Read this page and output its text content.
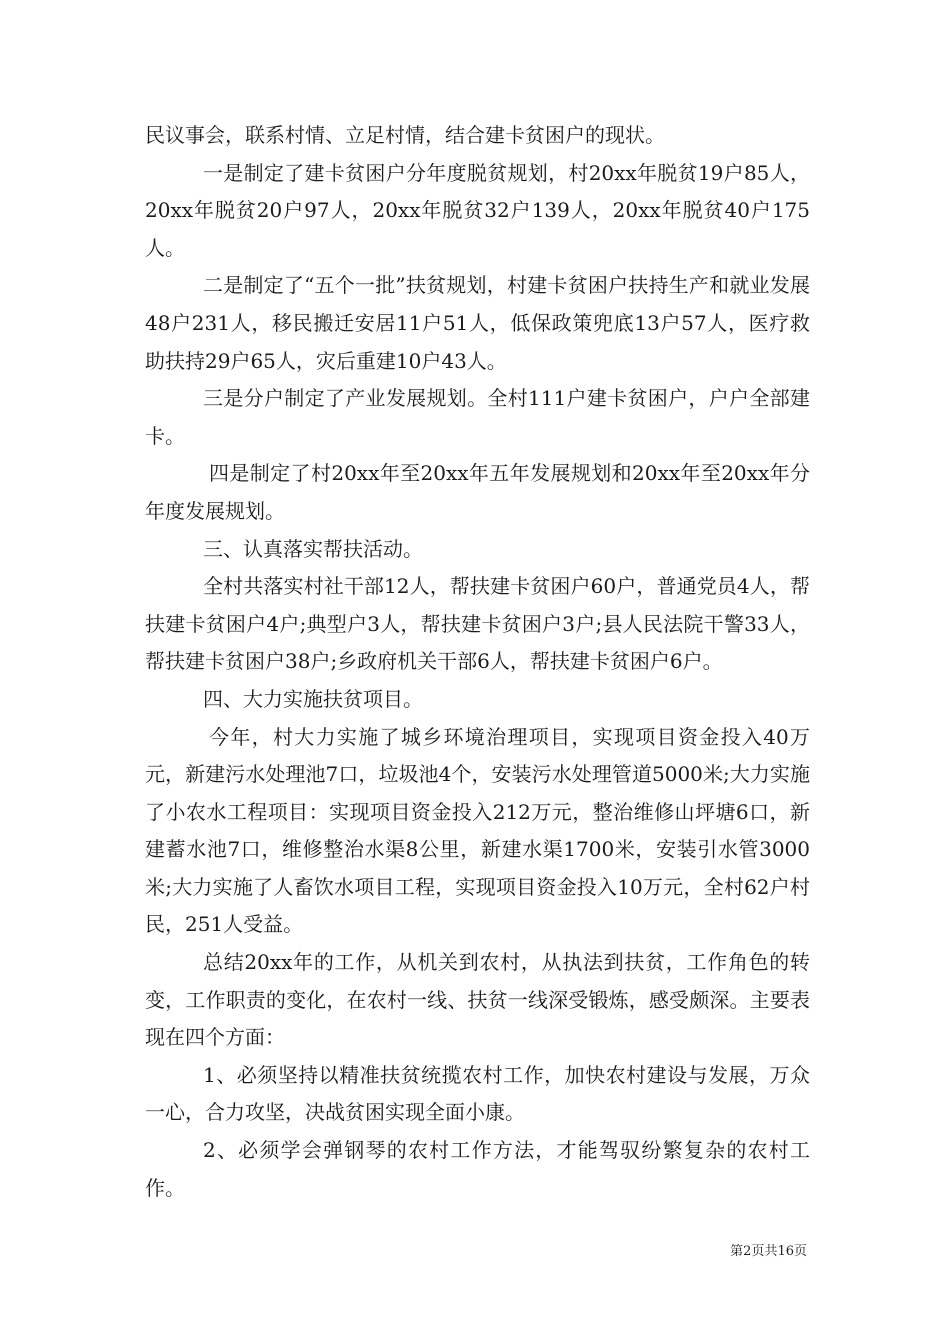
民议事会，联系村情、立足村情，结合建卡贫困户的现状。

一是制定了建卡贫困户分年度脱贫规划，村20xx年脱贫19户85人，20xx年脱贫20户97人，20xx年脱贫32户139人，20xx年脱贫40户175人。

二是制定了“五个一批”扶贫规划，村建卡贫困户扶持生产和就业发展48户231人，移民搬迁安居11户51人，低保政策兜底13户57人，医疗救助扶持29户65人，灾后重建10户43人。

三是分户制定了产业发展规划。全村111户建卡贫困户，户户全部建卡。

四是制定了村20xx年至20xx年五年发展规划和20xx年至20xx年分年度发展规划。

三、认真落实帮扶活动。

全村共落实村社干部12人，帮扶建卡贫困户60户，普通党员4人，帮扶建卡贫困户4户;典型户3人，帮扶建卡贫困户3户;县人民法院干警33人，帮扶建卡贫困户38户;乡政府机关干部6人，帮扶建卡贫困户6户。

四、大力实施扶贫项目。

今年，村大力实施了城乡环境治理项目，实现项目资金投入40万元，新建污水处理池7口，垃圾池4个，安装污水处理管道5000米;大力实施了小农水工程项目：实现项目资金投入212万元，整治维修山坪塘6口，新建蓄水池7口，维修整治水渠8公里，新建水渠1700米，安装引水管3000米;大力实施了人畜饮水项目工程，实现项目资金投入10万元，全村62户村民，251人受益。

总结20xx年的工作，从机关到农村，从执法到扶贫，工作角色的转变，工作职责的变化，在农村一线、扶贫一线深受锻炼，感受颇深。主要表现在四个方面：

1、必须坚持以精准扶贫统揽农村工作，加快农村建设与发展，万众一心，合力攻坚，决战贫困实现全面小康。

2、必须学会弹钢琴的农村工作方法，才能驾驭纷繁复杂的农村工作。

第2页共16页
